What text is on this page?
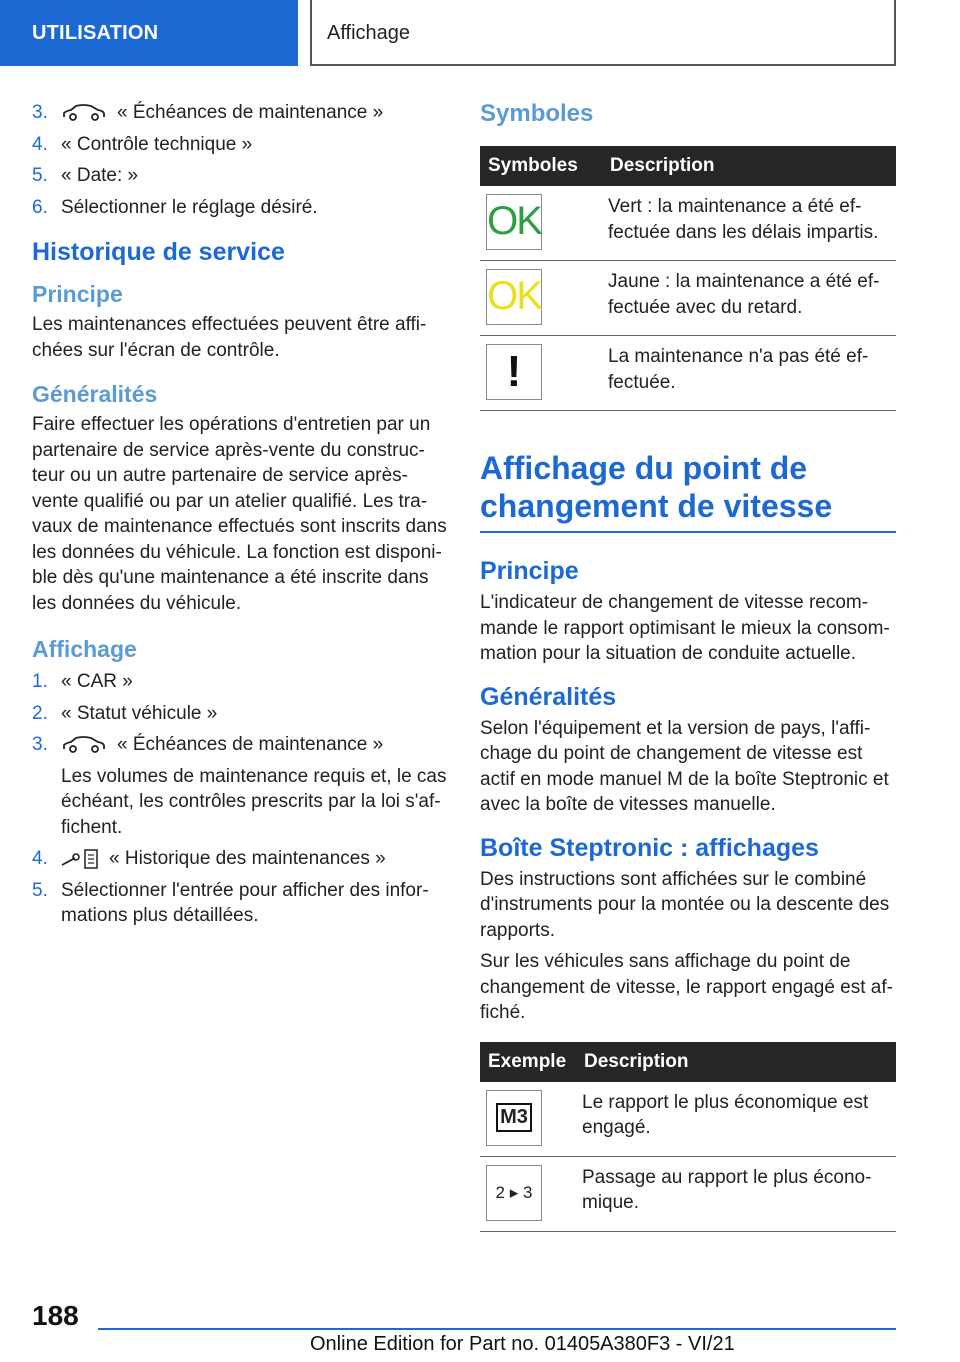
UTILISATION	Affichage
3.	« Échéances de maintenance »
4. « Contrôle technique »
5. « Date: »
6. Sélectionner le réglage désiré.
Historique de service
Principe
Les maintenances effectuées peuvent être affichées sur l'écran de contrôle.
Généralités
Faire effectuer les opérations d'entretien par un partenaire de service après-vente du constructeur ou un autre partenaire de service après-vente qualifié ou par un atelier qualifié. Les travaux de maintenance effectués sont inscrits dans les données du véhicule. La fonction est disponible dès qu'une maintenance a été inscrite dans les données du véhicule.
Affichage
1. « CAR »
2. « Statut véhicule »
3.	« Échéances de maintenance »
Les volumes de maintenance requis et, le cas échéant, les contrôles prescrits par la loi s'affichent.
4.	« Historique des maintenances »
5. Sélectionner l'entrée pour afficher des informations plus détaillées.
Symboles
Symboles	Description

OK	Vert : la maintenance a été effectuée dans les délais impartis.

OK	Jaune : la maintenance a été effectuée avec du retard.

!	La maintenance n'a pas été effectuée.
Affichage du point de changement de vitesse
Principe
L'indicateur de changement de vitesse recommande le rapport optimisant le mieux la consommation pour la situation de conduite actuelle.
Généralités
Selon l'équipement et la version de pays, l'affichage du point de changement de vitesse est actif en mode manuel M de la boîte Steptronic et avec la boîte de vitesses manuelle.
Boîte Steptronic : affichages
Des instructions sont affichées sur le combiné d'instruments pour la montée ou la descente des rapports.
Sur les véhicules sans affichage du point de changement de vitesse, le rapport engagé est affiché.
Exemple	Description

M3	Le rapport le plus économique est engagé.

2 ▸ 3	Passage au rapport le plus économique.
188
Online Edition for Part no. 01405A380F3 - VI/21
